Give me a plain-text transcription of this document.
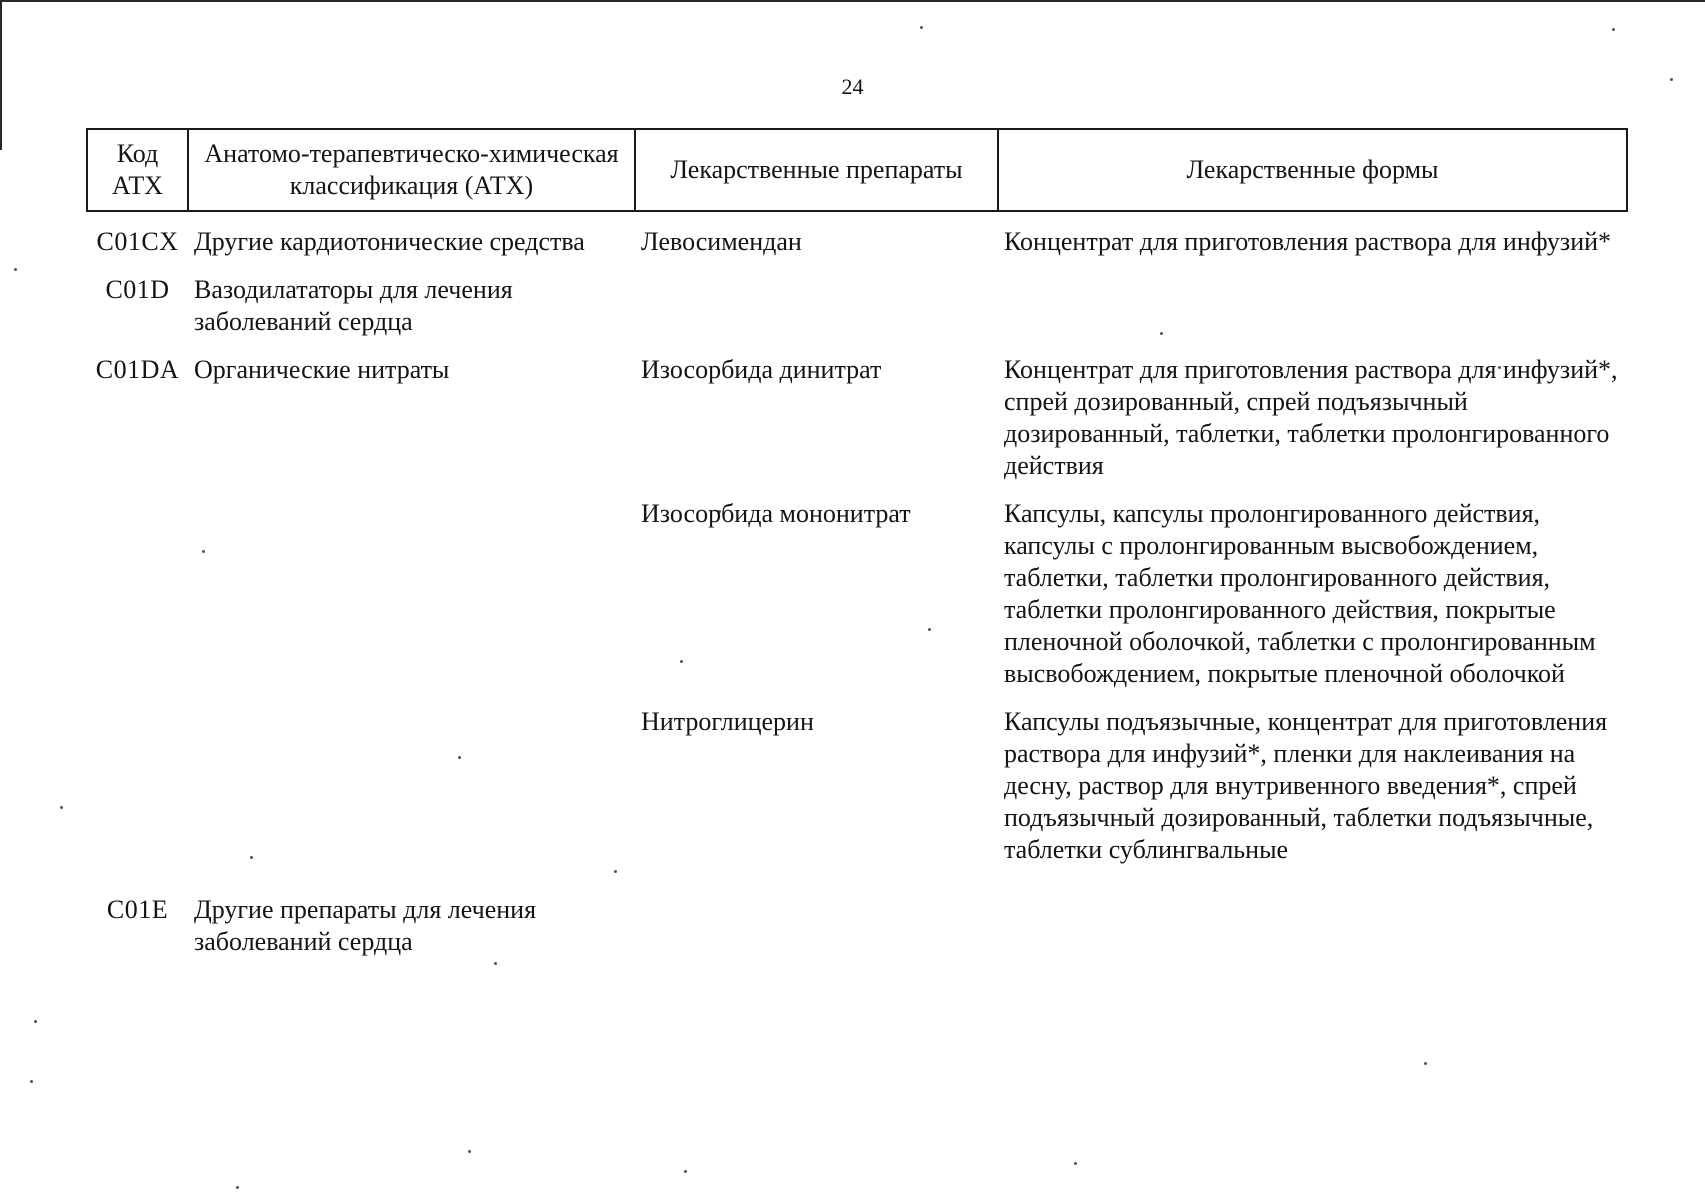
24
Код АТХ	Анатомо-терапевтическо-химическая классификация (АТХ)	Лекарственные препараты	Лекарственные формы
C01CX	Другие кардиотонические средства	Левосимендан	Концентрат для приготовления раствора для инфузий*
C01D	Вазодилататоры для лечения заболеваний сердца		
C01DA	Органические нитраты	Изосорбида динитрат	Концентрат для приготовления раствора для инфузий*, спрей дозированный, спрей подъязычный дозированный, таблетки, таблетки пролонгированного действия
		Изосорбида мононитрат	Капсулы, капсулы пролонгированного действия, капсулы с пролонгированным высвобождением, таблетки, таблетки пролонгированного действия, таблетки пролонгированного действия, покрытые пленочной оболочкой, таблетки с пролонгированным высвобождением, покрытые пленочной оболочкой
		Нитроглицерин	Капсулы подъязычные, концентрат для приготовления раствора для инфузий*, пленки для наклеивания на десну, раствор для внутривенного введения*, спрей подъязычный дозированный, таблетки подъязычные, таблетки сублингвальные
C01E	Другие препараты для лечения заболеваний сердца		
